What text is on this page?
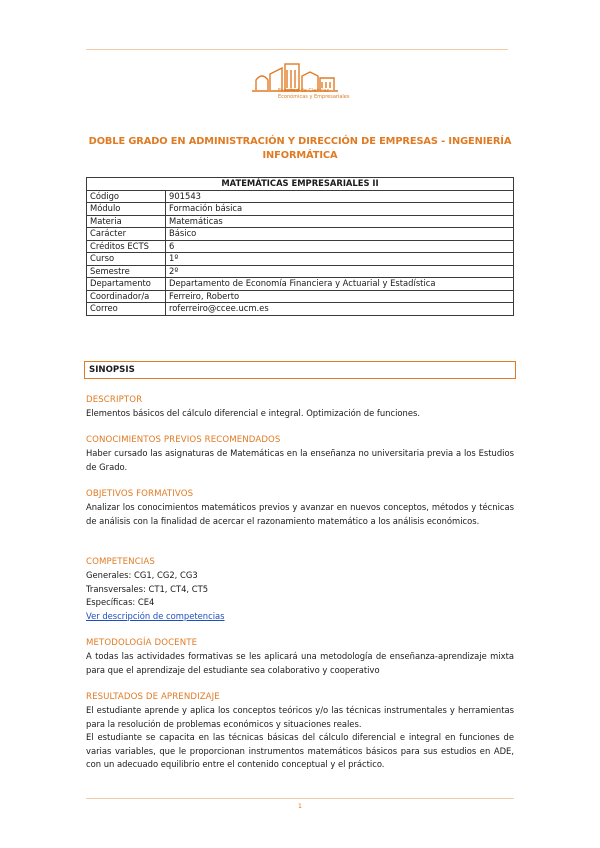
Facultad de Ciencias
Económicas y Empresariales
DOBLE GRADO EN ADMINISTRACIÓN Y DIRECCIÓN DE EMPRESAS - INGENIERÍA
INFORMÁTICA
MATEMÁTICAS EMPRESARIALES II	
Código	901543
Módulo	Formación básica
Materia	Matemáticas
Carácter	Básico
Créditos ECTS	6
Curso	1º
Semestre	2º
Departamento	Departamento de Economía Financiera y Actuarial y Estadística
Coordinador/a	Ferreiro, Roberto
Correo	roferreiro@ccee.ucm.es
SINOPSIS
DESCRIPTOR
Elementos básicos del cálculo diferencial e integral. Optimización de funciones.
CONOCIMIENTOS PREVIOS RECOMENDADOS
Haber cursado las asignaturas de Matemáticas en la enseñanza no universitaria previa a los Estudios de Grado.
OBJETIVOS FORMATIVOS
Analizar los conocimientos matemáticos previos y avanzar en nuevos conceptos, métodos y técnicas de análisis con la finalidad de acercar el razonamiento matemático a los análisis económicos.
COMPETENCIAS
Generales: CG1, CG2, CG3
Transversales: CT1, CT4, CT5
Específicas: CE4
Ver descripción de competencias
METODOLOGÍA DOCENTE
A todas las actividades formativas se les aplicará una metodología de enseñanza-aprendizaje mixta para que el aprendizaje del estudiante sea colaborativo y cooperativo
RESULTADOS DE APRENDIZAJE
El estudiante aprende y aplica los conceptos teóricos y/o las técnicas instrumentales y herramientas para la resolución de problemas económicos y situaciones reales.
El estudiante se capacita en las técnicas básicas del cálculo diferencial e integral en funciones de varias variables, que le proporcionan instrumentos matemáticos básicos para sus estudios en ADE, con un adecuado equilibrio entre el contenido conceptual y el práctico.
1
